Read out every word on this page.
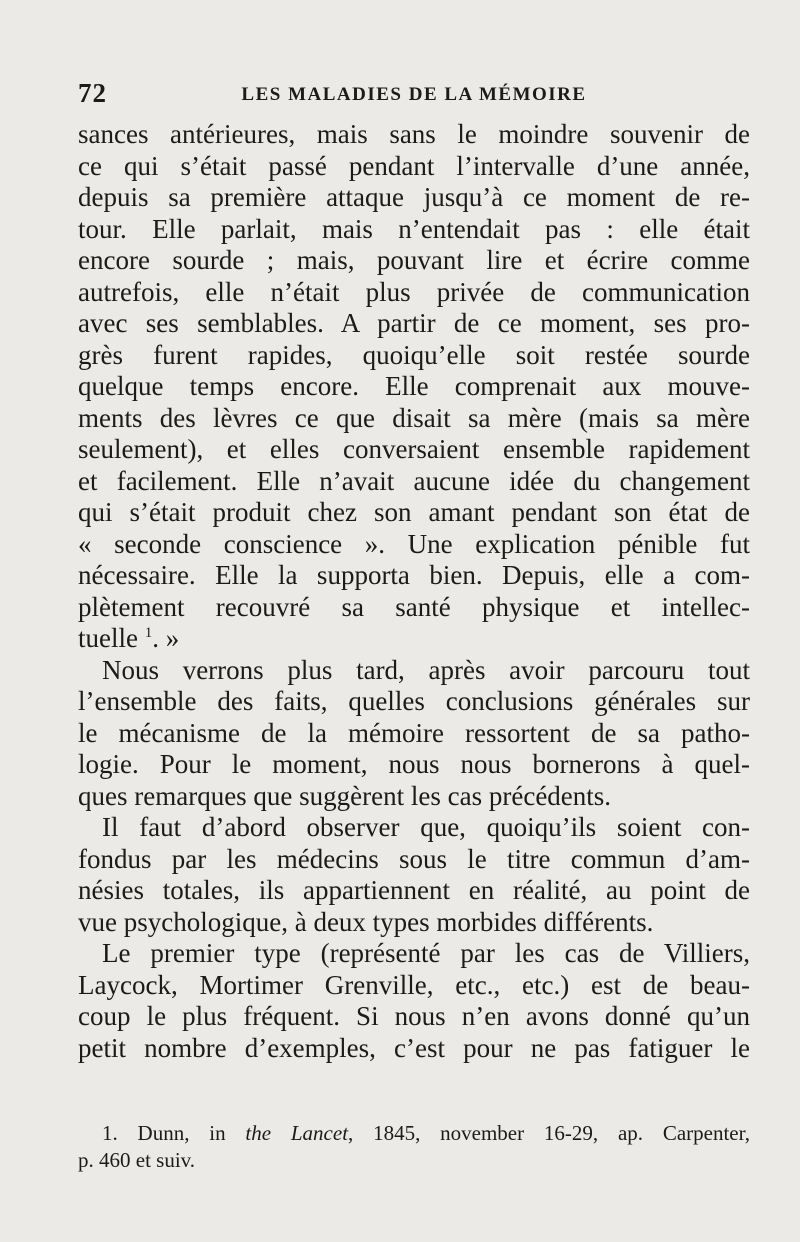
72	LES MALADIES DE LA MÉMOIRE
sances antérieures, mais sans le moindre souvenir de
ce qui s’était passé pendant l’intervalle d’une année,
depuis sa première attaque jusqu’à ce moment de re-
tour. Elle parlait, mais n’entendait pas : elle était
encore sourde ; mais, pouvant lire et écrire comme
autrefois, elle n’était plus privée de communication
avec ses semblables. A partir de ce moment, ses pro-
grès furent rapides, quoiqu’elle soit restée sourde
quelque temps encore. Elle comprenait aux mouve-
ments des lèvres ce que disait sa mère (mais sa mère
seulement), et elles conversaient ensemble rapidement
et facilement. Elle n’avait aucune idée du changement
qui s’était produit chez son amant pendant son état de
« seconde conscience ». Une explication pénible fut
nécessaire. Elle la supporta bien. Depuis, elle a com-
plètement recouvré sa santé physique et intellec-
tuelle $^1$. »
Nous verrons plus tard, après avoir parcouru tout
l’ensemble des faits, quelles conclusions générales sur
le mécanisme de la mémoire ressortent de sa patho-
logie. Pour le moment, nous nous bornerons à quel-
ques remarques que suggèrent les cas précédents.
Il faut d’abord observer que, quoiqu’ils soient con-
fondus par les médecins sous le titre commun d’am-
nésies totales, ils appartiennent en réalité, au point de
vue psychologique, à deux types morbides différents.
Le premier type (représenté par les cas de Villiers,
Laycock, Mortimer Grenville, etc., etc.) est de beau-
coup le plus fréquent. Si nous n’en avons donné qu’un
petit nombre d’exemples, c’est pour ne pas fatiguer le
1. Dunn, in the Lancet, 1845, november 16-29, ap. Carpenter,
p. 460 et suiv.
